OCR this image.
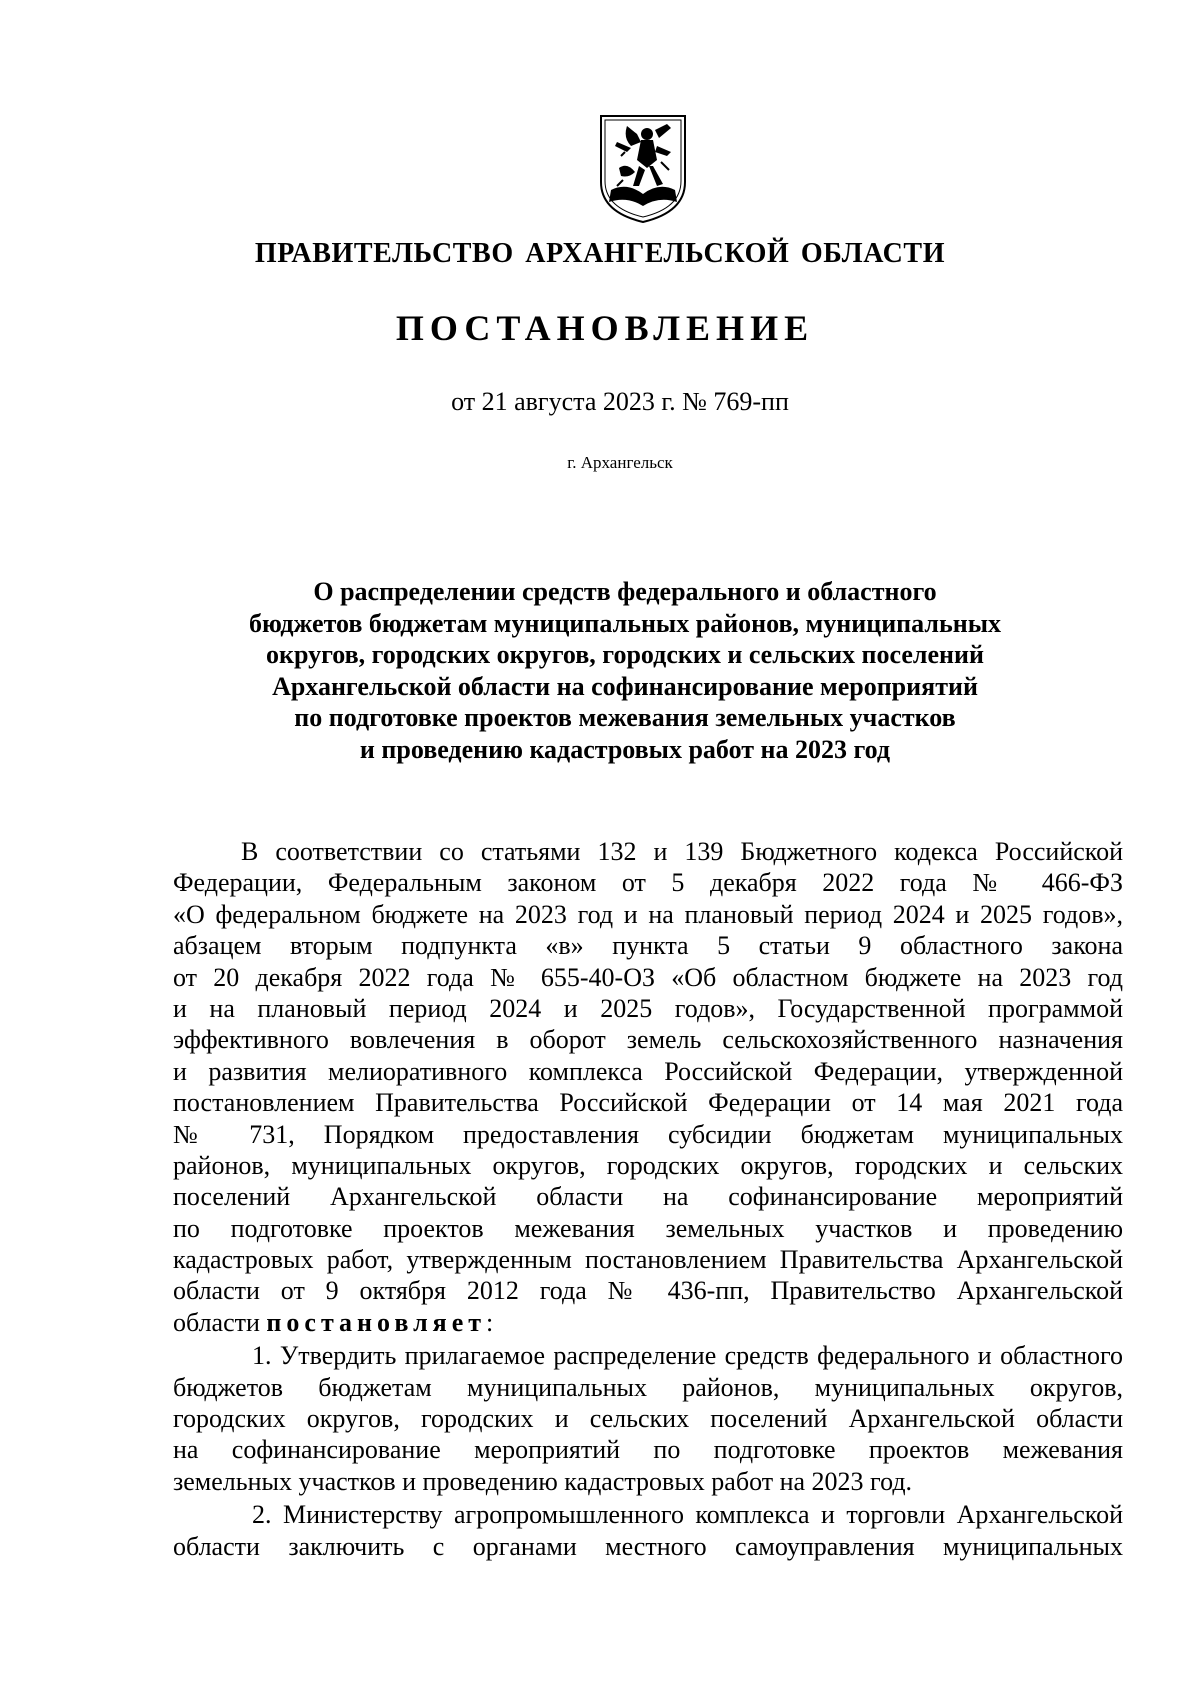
ПРАВИТЕЛЬСТВО АРХАНГЕЛЬСКОЙ ОБЛАСТИ
ПОСТАНОВЛЕНИЕ
от 21 августа 2023 г. № 769-пп
г. Архангельск
О распределении средств федерального и областного
бюджетов бюджетам муниципальных районов, муниципальных
округов, городских округов, городских и сельских поселений
Архангельской области на софинансирование мероприятий
по подготовке проектов межевания земельных участков
и проведению кадастровых работ на 2023 год
В соответствии со статьями 132 и 139 Бюджетного кодекса Российской
Федерации, Федеральным законом от 5 декабря 2022 года № 466-ФЗ
«О федеральном бюджете на 2023 год и на плановый период 2024 и 2025 годов»,
абзацем вторым подпункта «в» пункта 5 статьи 9 областного закона
от 20 декабря 2022 года № 655-40-ОЗ «Об областном бюджете на 2023 год
и на плановый период 2024 и 2025 годов», Государственной программой
эффективного вовлечения в оборот земель сельскохозяйственного назначения
и развития мелиоративного комплекса Российской Федерации, утвержденной
постановлением Правительства Российской Федерации от 14 мая 2021 года
№ 731, Порядком предоставления субсидии бюджетам муниципальных
районов, муниципальных округов, городских округов, городских и сельских
поселений Архангельской области на софинансирование мероприятий
по подготовке проектов межевания земельных участков и проведению
кадастровых работ, утвержденным постановлением Правительства Архангельской
области от 9 октября 2012 года № 436-пп, Правительство Архангельской
области постановляет:
1. Утвердить прилагаемое распределение средств федерального и областного
бюджетов бюджетам муниципальных районов, муниципальных округов,
городских округов, городских и сельских поселений Архангельской области
на софинансирование мероприятий по подготовке проектов межевания
земельных участков и проведению кадастровых работ на 2023 год.
2. Министерству агропромышленного комплекса и торговли Архангельской
области заключить с органами местного самоуправления муниципальных
